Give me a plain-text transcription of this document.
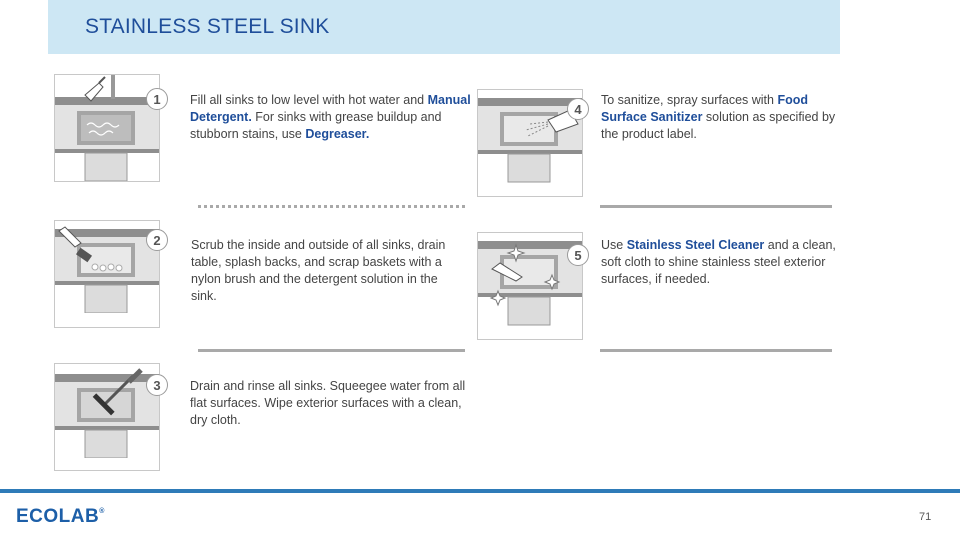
STAINLESS STEEL SINK
1	Fill all sinks to low level with hot water and Manual Detergent. For sinks with grease buildup and stubborn stains, use Degreaser.
2	Scrub the inside and outside of all sinks, drain table, splash backs, and scrap baskets with a nylon brush and the detergent solution in the sink.
3	Drain and rinse all sinks. Squeegee water from all flat surfaces. Wipe exterior surfaces with a clean, dry cloth.
4
To sanitize, spray surfaces with Food Surface Sanitizer solution as specified by the product label.
5
Use Stainless Steel Cleaner and a clean, soft cloth to shine stainless steel exterior surfaces, if needed.
ECOLAB®	71
